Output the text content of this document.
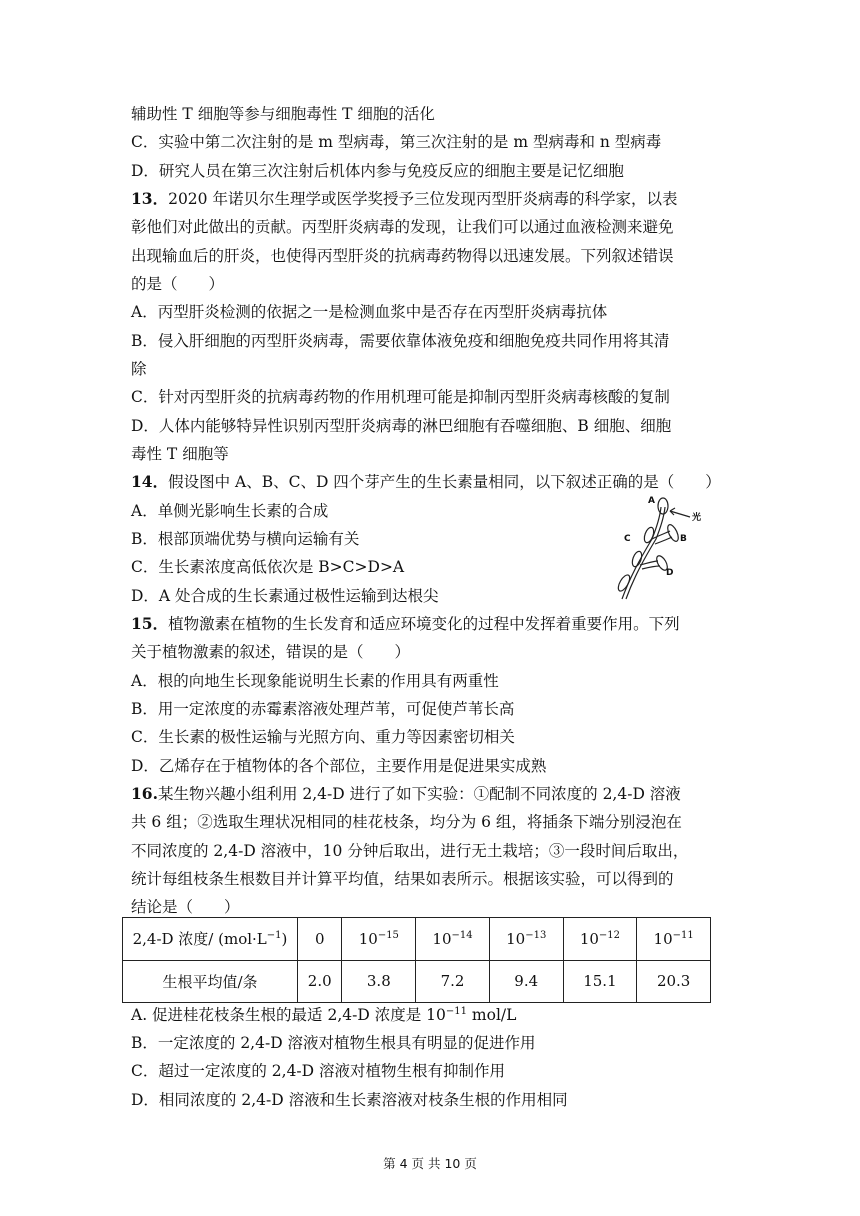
辅助性 T 细胞等参与细胞毒性 T 细胞的活化
C．实验中第二次注射的是 m 型病毒，第三次注射的是 m 型病毒和 n 型病毒
D．研究人员在第三次注射后机体内参与免疫反应的细胞主要是记忆细胞
13．2020 年诺贝尔生理学或医学奖授予三位发现丙型肝炎病毒的科学家，以表
彰他们对此做出的贡献。丙型肝炎病毒的发现，让我们可以通过血液检测来避免
出现输血后的肝炎，也使得丙型肝炎的抗病毒药物得以迅速发展。下列叙述错误
的是（　　）
A．丙型肝炎检测的依据之一是检测血浆中是否存在丙型肝炎病毒抗体
B．侵入肝细胞的丙型肝炎病毒，需要依靠体液免疫和细胞免疫共同作用将其清
除
C．针对丙型肝炎的抗病毒药物的作用机理可能是抑制丙型肝炎病毒核酸的复制
D．人体内能够特异性识别丙型肝炎病毒的淋巴细胞有吞噬细胞、B 细胞、细胞
毒性 T 细胞等
14．假设图中 A、B、C、D 四个芽产生的生长素量相同，以下叙述正确的是（　　）
A．单侧光影响生长素的合成
B．根部顶端优势与横向运输有关
C．生长素浓度高低依次是 B>C>D>A
D．A 处合成的生长素通过极性运输到达根尖
A
B
C
D
光
15．植物激素在植物的生长发育和适应环境变化的过程中发挥着重要作用。下列
关于植物激素的叙述，错误的是（　　）
A．根的向地生长现象能说明生长素的作用具有两重性
B．用一定浓度的赤霉素溶液处理芦苇，可促使芦苇长高
C．生长素的极性运输与光照方向、重力等因素密切相关
D．乙烯存在于植物体的各个部位，主要作用是促进果实成熟
16.某生物兴趣小组利用 2,4-D 进行了如下实验：①配制不同浓度的 2,4-D 溶液
共 6 组；②选取生理状况相同的桂花枝条，均分为 6 组，将插条下端分别浸泡在
不同浓度的 2,4-D 溶液中，10 分钟后取出，进行无土栽培；③一段时间后取出，
统计每组枝条生根数目并计算平均值，结果如表所示。根据该实验，可以得到的
结论是（　　）
2,4-D 浓度/ $(mol\cdot L^{-1})$	0	$10^{-15}$	$10^{-14}$	$10^{-13}$	$10^{-12}$	$10^{-11}$
生根平均值/条	2.0	3.8	7.2	9.4	15.1	20.3
A. 促进桂花枝条生根的最适 2,4-D 浓度是 $10^{-11}$ mol/L
B．一定浓度的 2,4-D 溶液对植物生根具有明显的促进作用
C．超过一定浓度的 2,4-D 溶液对植物生根有抑制作用
D．相同浓度的 2,4-D 溶液和生长素溶液对枝条生根的作用相同
第 4 页 共 10 页
